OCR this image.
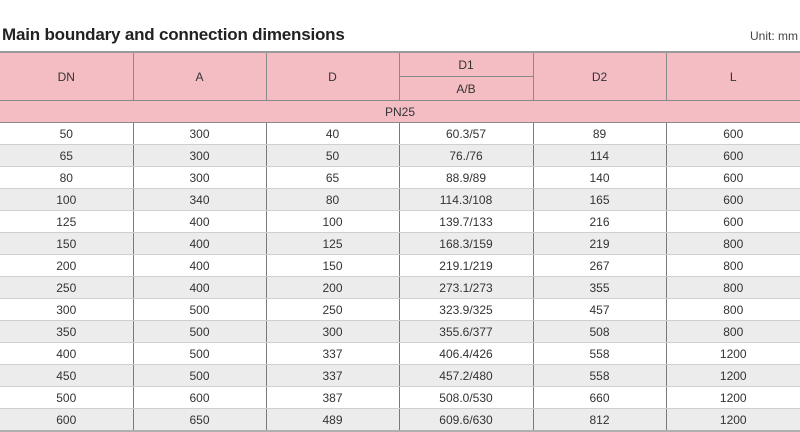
Main boundary and connection dimensions	Unit: mm
DN	A	D	D1	D2	L
			A/B		
PN25					
50	300	40	60.3/57	89	600
65	300	50	76./76	114	600
80	300	65	88.9/89	140	600
100	340	80	114.3/108	165	600
125	400	100	139.7/133	216	600
150	400	125	168.3/159	219	800
200	400	150	219.1/219	267	800
250	400	200	273.1/273	355	800
300	500	250	323.9/325	457	800
350	500	300	355.6/377	508	800
400	500	337	406.4/426	558	1200
450	500	337	457.2/480	558	1200
500	600	387	508.0/530	660	1200
600	650	489	609.6/630	812	1200
